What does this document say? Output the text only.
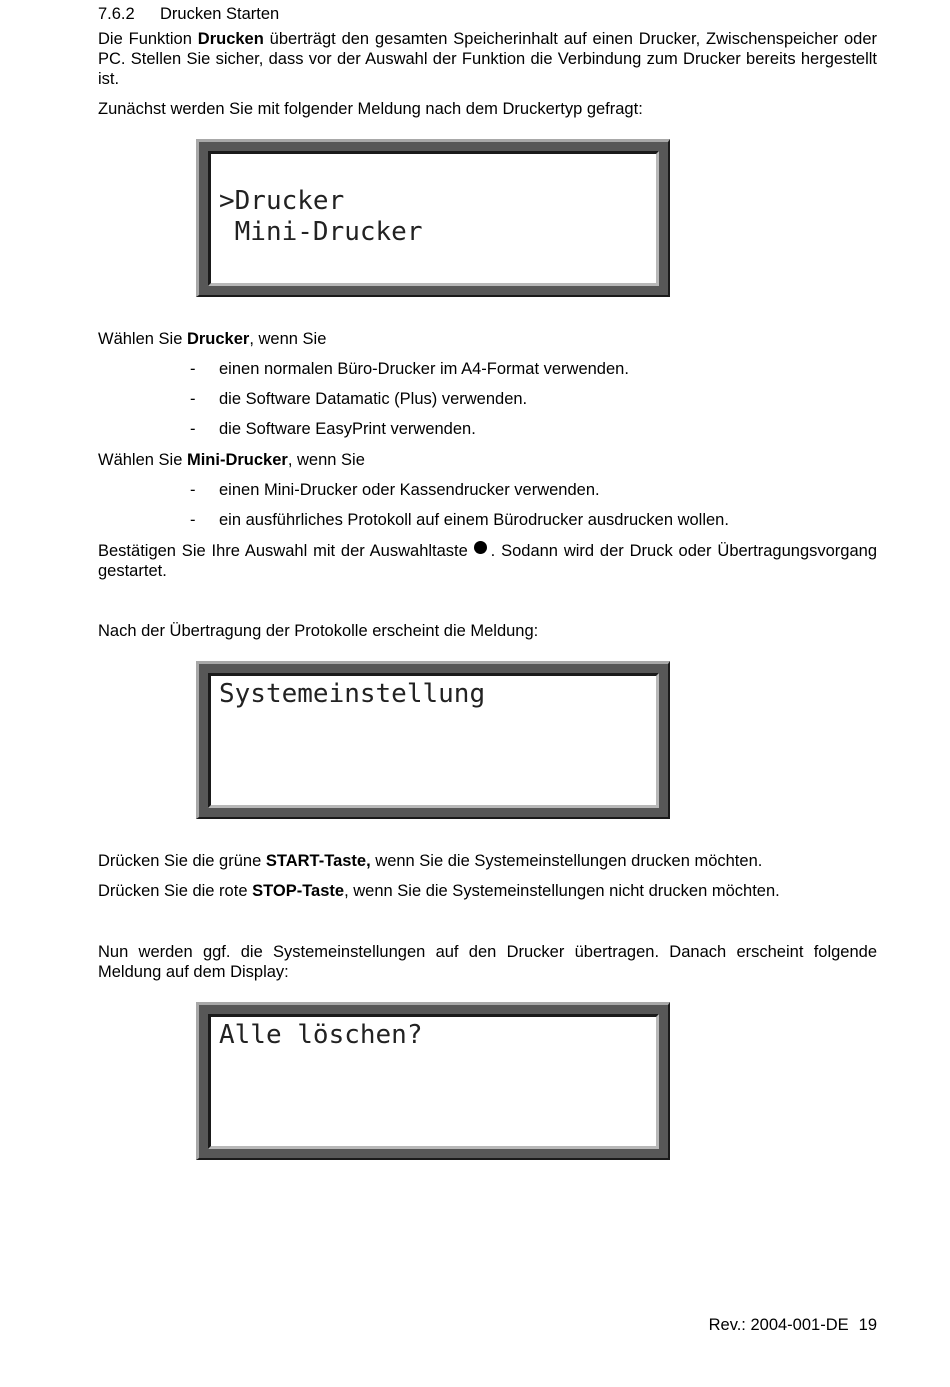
7.6.2 Drucken Starten
Die Funktion Drucken überträgt den gesamten Speicherinhalt auf einen Drucker, Zwischenspeicher oder PC. Stellen Sie sicher, dass vor der Auswahl der Funktion die Verbindung zum Drucker bereits hergestellt ist.
Zunächst werden Sie mit folgender Meldung nach dem Druckertyp gefragt:
>Drucker
Mini-Drucker
Wählen Sie Drucker, wenn Sie
- einen normalen Büro-Drucker im A4-Format verwenden.
- die Software Datamatic (Plus) verwenden.
- die Software EasyPrint verwenden.
Wählen Sie Mini-Drucker, wenn Sie
- einen Mini-Drucker oder Kassendrucker verwenden.
- ein ausführliches Protokoll auf einem Bürodrucker ausdrucken wollen.
Bestätigen Sie Ihre Auswahl mit der Auswahltaste . Sodann wird der Druck oder Übertragungsvorgang gestartet.
Nach der Übertragung der Protokolle erscheint die Meldung:
Systemeinstellung
Drücken Sie die grüne START-Taste, wenn Sie die Systemeinstellungen drucken möchten.
Drücken Sie die rote STOP-Taste, wenn Sie die Systemeinstellungen nicht drucken möchten.
Nun werden ggf. die Systemeinstellungen auf den Drucker übertragen. Danach erscheint folgende Meldung auf dem Display:
Alle löschen?
Rev.: 2004-001-DE 19
